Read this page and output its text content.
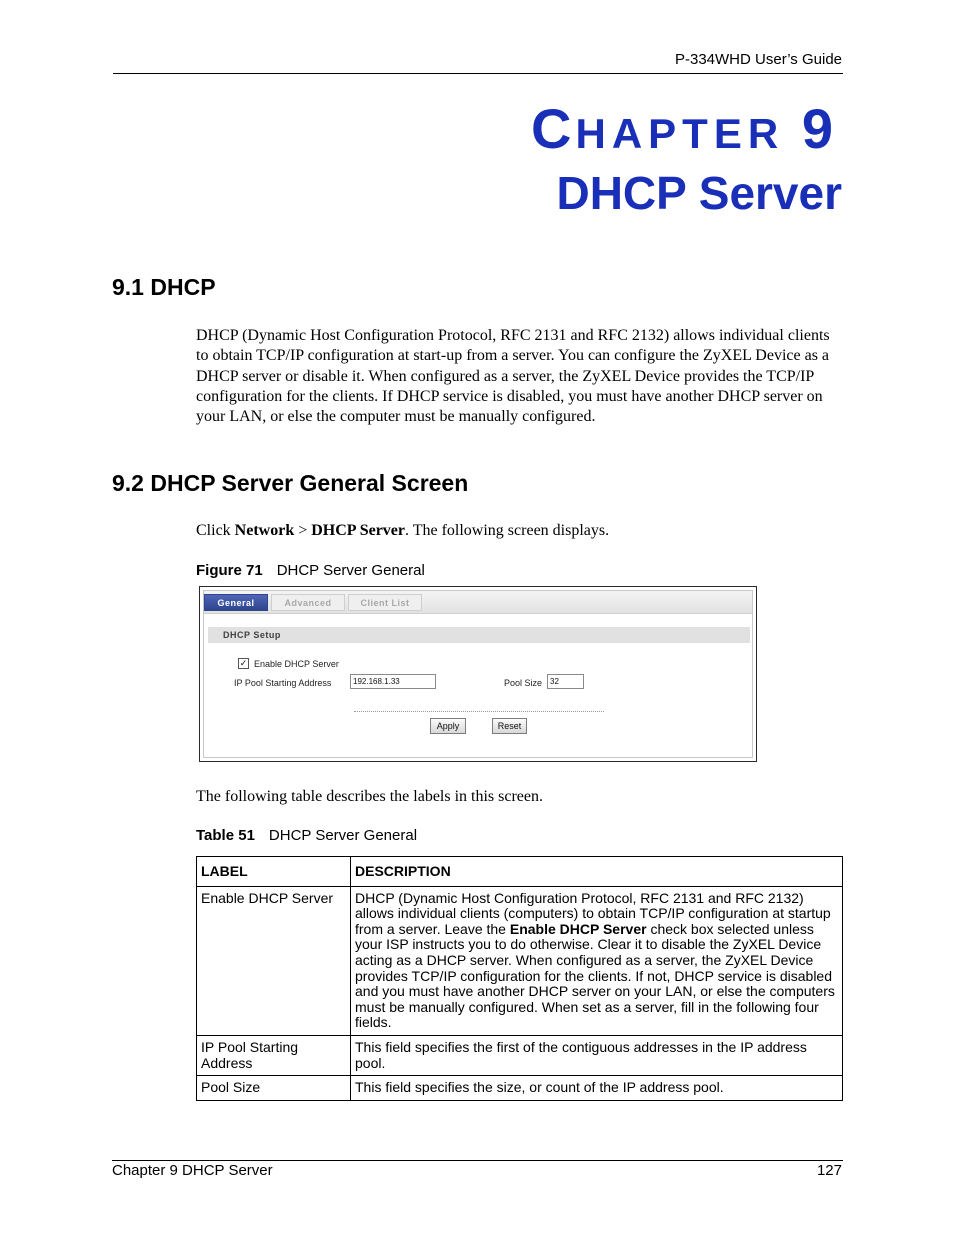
P-334WHD User’s Guide
CHAPTER 9
DHCP Server
9.1 DHCP
DHCP (Dynamic Host Configuration Protocol, RFC 2131 and RFC 2132) allows individual clients to obtain TCP/IP configuration at start-up from a server. You can configure the ZyXEL Device as a DHCP server or disable it. When configured as a server, the ZyXEL Device provides the TCP/IP configuration for the clients. If DHCP service is disabled, you must have another DHCP server on your LAN, or else the computer must be manually configured.
9.2 DHCP Server General Screen
Click Network > DHCP Server. The following screen displays.
Figure 71 DHCP Server General
General	Advanced	Client List
DHCP Setup
✓ Enable DHCP Server
IP Pool Starting Address	192.168.1.33	Pool Size 32
Apply	Reset
The following table describes the labels in this screen.
Table 51 DHCP Server General
LABEL	DESCRIPTION
Enable DHCP Server	DHCP (Dynamic Host Configuration Protocol, RFC 2131 and RFC 2132) allows individual clients (computers) to obtain TCP/IP configuration at startup from a server. Leave the Enable DHCP Server check box selected unless your ISP instructs you to do otherwise. Clear it to disable the ZyXEL Device acting as a DHCP server. When configured as a server, the ZyXEL Device provides TCP/IP configuration for the clients. If not, DHCP service is disabled and you must have another DHCP server on your LAN, or else the computers must be manually configured. When set as a server, fill in the following four fields.
IP Pool Starting Address	This field specifies the first of the contiguous addresses in the IP address pool.
Pool Size	This field specifies the size, or count of the IP address pool.
Chapter 9 DHCP Server	127
